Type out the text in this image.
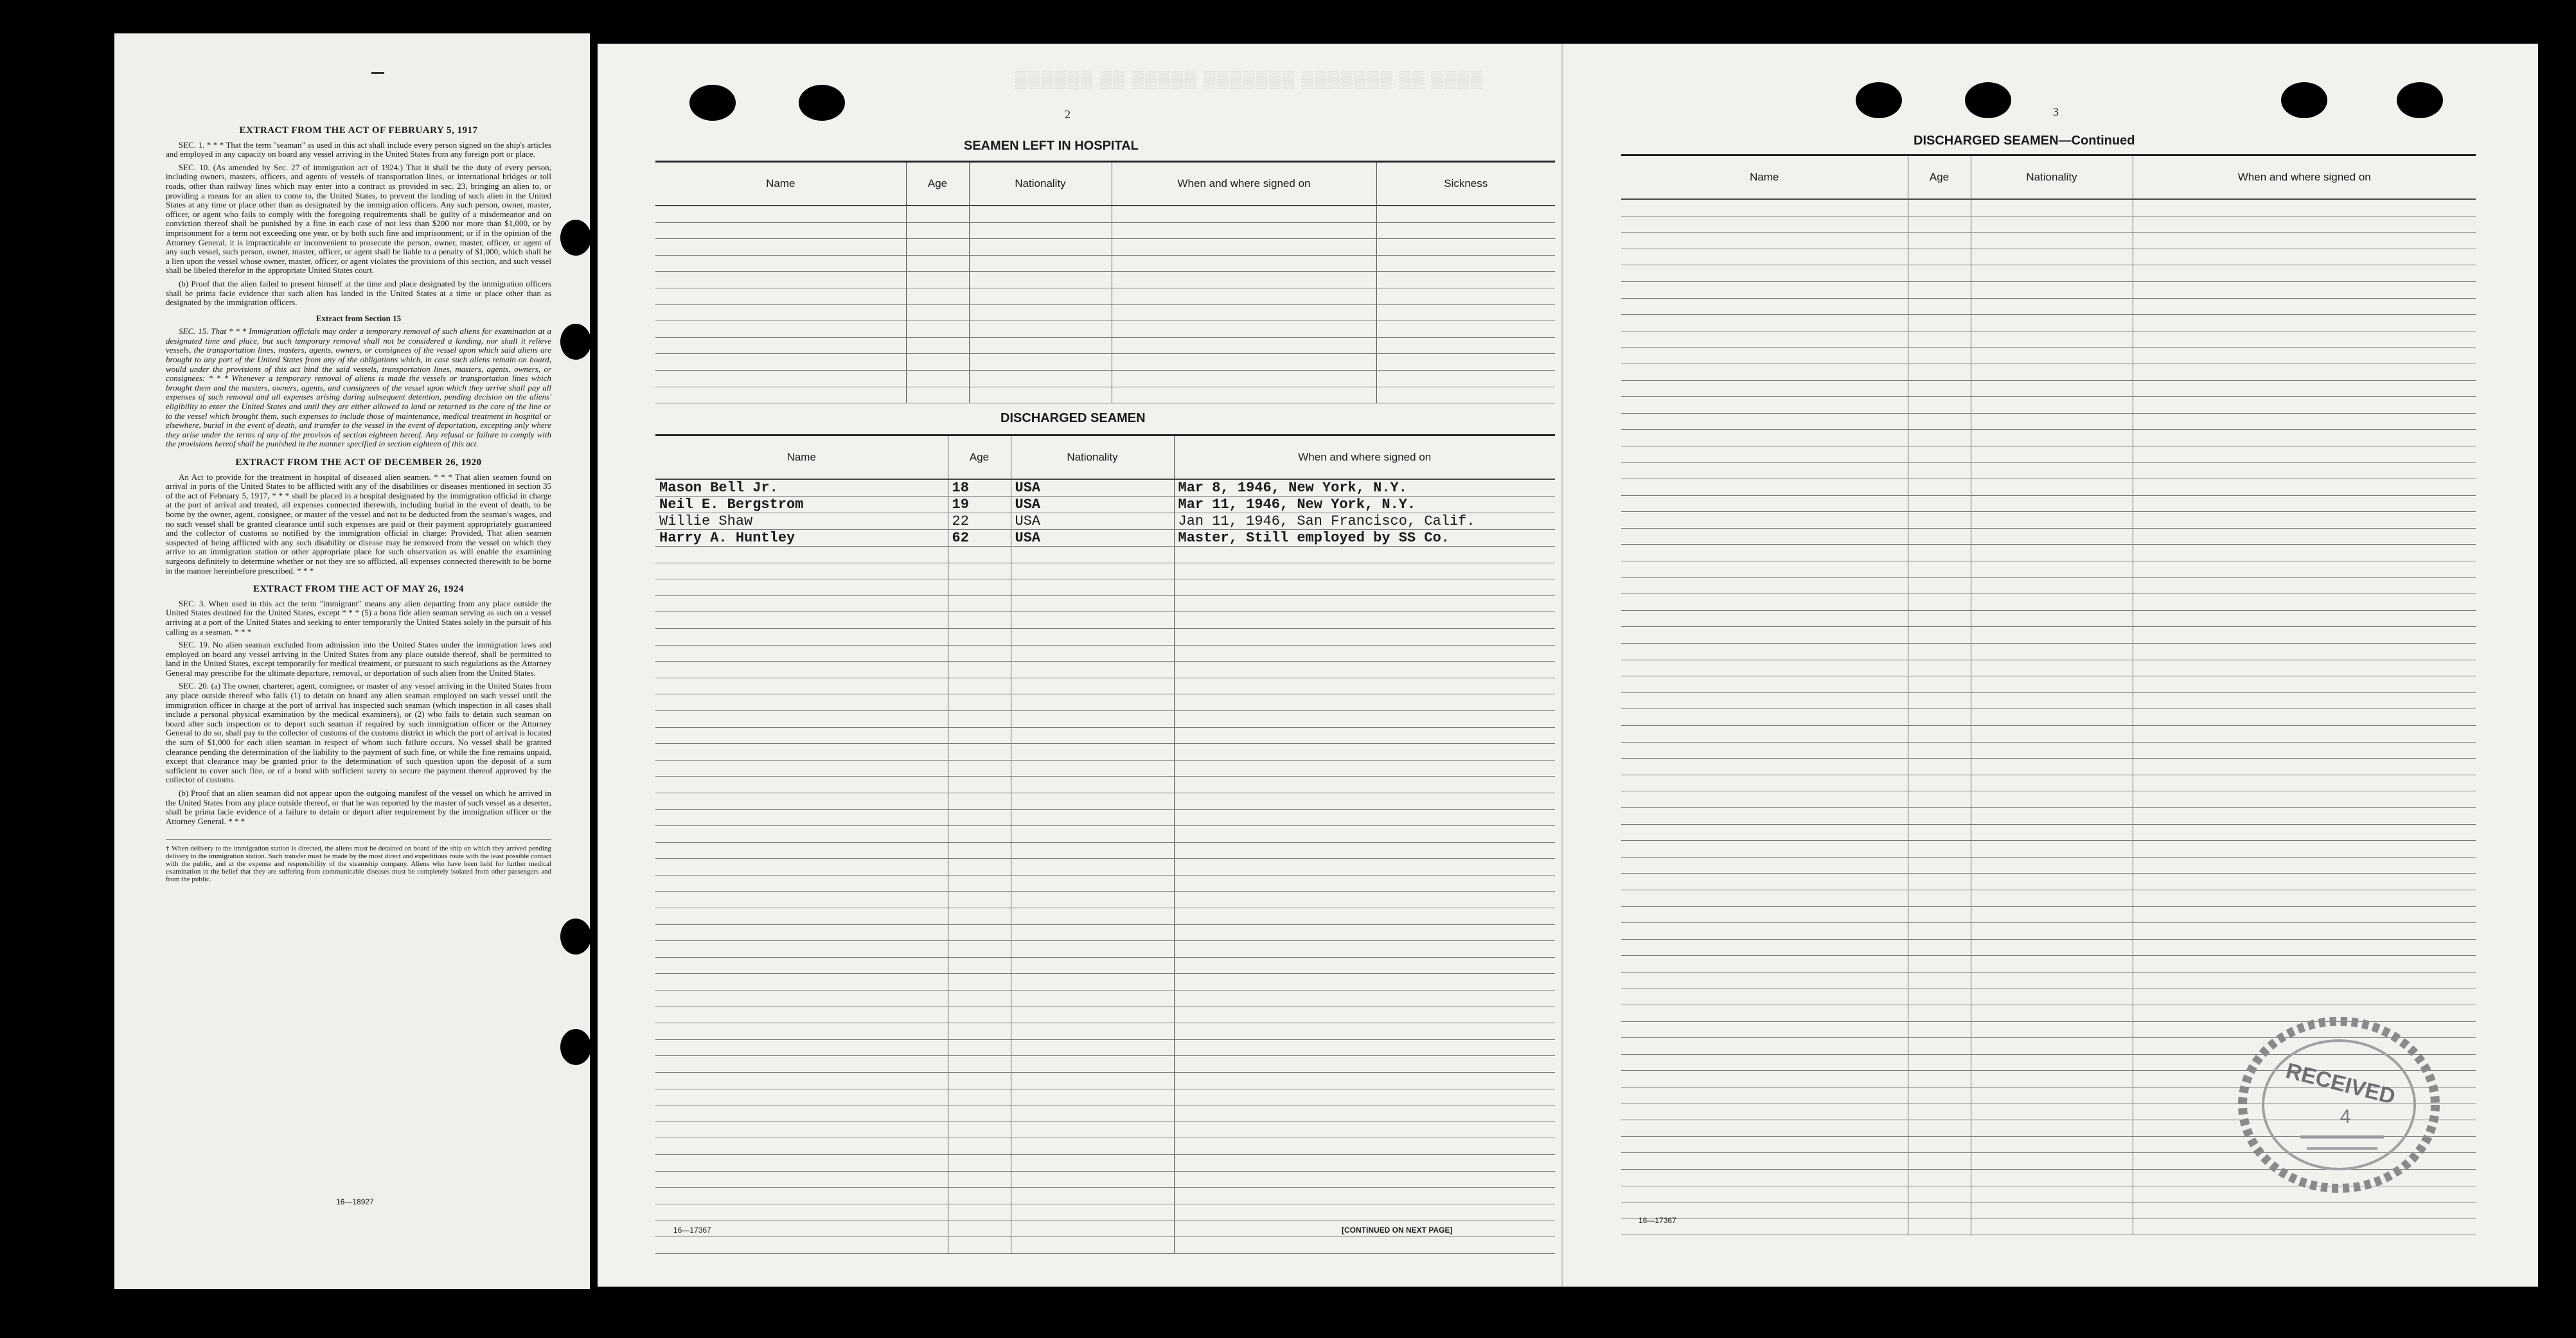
EXTRACT FROM THE ACT OF FEBRUARY 5, 1917

SEC. 1. * * * That the term "seaman" as used in this act shall include every person signed on the ship's articles and employed in any capacity on board any vessel arriving in the United States from any foreign port or place.

SEC. 10. (As amended by Sec. 27 of immigration act of 1924.) That it shall be the duty of every person, including owners, masters, officers, and agents of vessels of transportation lines, or international bridges or toll roads, other than railway lines which may enter into a contract as provided in sec. 23, bringing an alien to, or providing a means for an alien to come to, the United States, to prevent the landing of such alien in the United States at any time or place other than as designated by the immigration officers. Any such person, owner, master, officer, or agent who fails to comply with the foregoing requirements shall be guilty of a misdemeanor and on conviction thereof shall be punished by a fine in each case of not less than $200 nor more than $1,000, or by imprisonment for a term not exceeding one year, or by both such fine and imprisonment; or if in the opinion of the Attorney General, it is impracticable or inconvenient to prosecute the person, owner, master, officer, or agent of any such vessel, such person, owner, master, officer, or agent shall be liable to a penalty of $1,000, which shall be a lien upon the vessel whose owner, master, officer, or agent violates the provisions of this section, and such vessel shall be libeled therefor in the appropriate United States court.

(b) Proof that the alien failed to present himself at the time and place designated by the immigration officers shall be prima facie evidence that such alien has landed in the United States at a time or place other than as designated by the immigration officers.

Extract from Section 15

SEC. 15. That * * * Immigration officials may order a temporary removal of such aliens for examination at a designated time and place, but such temporary removal shall not be considered a landing, nor shall it relieve vessels, the transportation lines, masters, agents, owners, or consignees of the vessel upon which said aliens are brought to any port of the United States from any of the obligations which, in case such aliens remain on board, would under the provisions of this act bind the said vessels, transportation lines, masters, agents, owners, or consignees: * * * Whenever a temporary removal of aliens is made the vessels or transportation lines which brought them and the masters, owners, agents, and consignees of the vessel upon which they arrive shall pay all expenses of such removal and all expenses arising during subsequent detention, pending decision on the aliens' eligibility to enter the United States and until they are either allowed to land or returned to the care of the line or to the vessel which brought them, such expenses to include those of maintenance, medical treatment in hospital or elsewhere, burial in the event of death, and transfer to the vessel in the event of deportation, excepting only where they arise under the terms of any of the provisos of section eighteen hereof. Any refusal or failure to comply with the provisions hereof shall be punished in the manner specified in section eighteen of this act.

EXTRACT FROM THE ACT OF DECEMBER 26, 1920

An Act to provide for the treatment in hospital of diseased alien seamen. * * * That alien seamen found on arrival in ports of the United States to be afflicted with any of the disabilities or diseases mentioned in section 35 of the act of February 5, 1917, * * * shall be placed in a hospital designated by the immigration official in charge at the port of arrival and treated, all expenses connected therewith, including burial in the event of death, to be borne by the owner, agent, consignee, or master of the vessel and not to be deducted from the seaman's wages, and no such vessel shall be granted clearance until such expenses are paid or their payment appropriately guaranteed and the collector of customs so notified by the immigration official in charge: Provided, That alien seamen suspected of being afflicted with any such disability or disease may be removed from the vessel on which they arrive to an immigration station or other appropriate place for such observation as will enable the examining surgeons definitely to determine whether or not they are so afflicted, all expenses connected therewith to be borne in the manner hereinbefore prescribed. * * *

EXTRACT FROM THE ACT OF MAY 26, 1924

SEC. 3. When used in this act the term "immigrant" means any alien departing from any place outside the United States destined for the United States, except * * * (5) a bona fide alien seaman serving as such on a vessel arriving at a port of the United States and seeking to enter temporarily the United States solely in the pursuit of his calling as a seaman. * * *

SEC. 19. No alien seaman excluded from admission into the United States under the immigration laws and employed on board any vessel arriving in the United States from any place outside thereof, shall be permitted to land in the United States, except temporarily for medical treatment, or pursuant to such regulations as the Attorney General may prescribe for the ultimate departure, removal, or deportation of such alien from the United States.

SEC. 20. (a) The owner, charterer, agent, consignee, or master of any vessel arriving in the United States from any place outside thereof who fails (1) to detain on board any alien seaman employed on such vessel until the immigration officer in charge at the port of arrival has inspected such seaman (which inspection in all cases shall include a personal physical examination by the medical examiners), or (2) who fails to detain such seaman on board after such inspection or to deport such seaman if required by such immigration officer or the Attorney General to do so, shall pay to the collector of customs of the customs district in which the port of arrival is located the sum of $1,000 for each alien seaman in respect of whom such failure occurs. No vessel shall be granted clearance pending the determination of the liability to the payment of such fine, or while the fine remains unpaid, except that clearance may be granted prior to the determination of such question upon the deposit of a sum sufficient to cover such fine, or of a bond with sufficient surety to secure the payment thereof approved by the collector of customs.

(b) Proof that an alien seaman did not appear upon the outgoing manifest of the vessel on which he arrived in the United States from any place outside thereof, or that he was reported by the master of such vessel as a deserter, shall be prima facie evidence of a failure to detain or deport after requirement by the immigration officer or the Attorney General. * * *

† When delivery to the immigration station is directed, the aliens must be detained on board of the ship on which they arrived pending delivery to the immigration station. Such transfer must be made by the most direct and expeditious route with the least possible contact with the public, and at the expense and responsibility of the steamship company. Aliens who have been held for further medical examination in the belief that they are suffering from communicable diseases must be completely isolated from other passengers and from the public.
16—18927
▒▒▒▒▒▒ ▒▒ ▒▒▒▒▒ ▒▒▒▒▒▒▒ ▒▒▒▒▒▒▒ ▒▒ ▒▒▒▒
2
SEAMEN LEFT IN HOSPITAL
Name	Age	Nationality	When and where signed on	Sickness

DISCHARGED SEAMEN
Name	Age	Nationality	When and where signed on
Mason Bell Jr.	18	USA	Mar 8, 1946, New York, N.Y.
Neil E. Bergstrom	19	USA	Mar 11, 1946, New York, N.Y.
Willie Shaw	22	USA	Jan 11, 1946, San Francisco, Calif.
Harry A. Huntley	62	USA	Master, Still employed by SS Co.

16—17367	[CONTINUED ON NEXT PAGE]
3
DISCHARGED SEAMEN—Continued
Name	Age	Nationality	When and where signed on

16—17367
RECEIVED
4
